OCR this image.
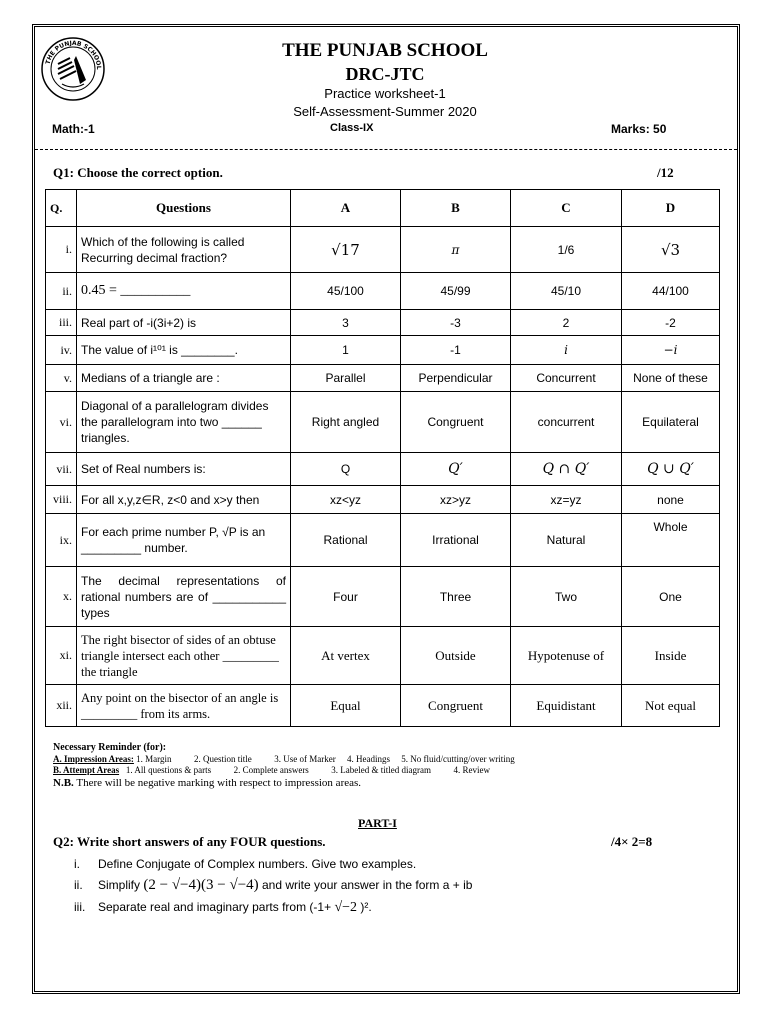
THE PUNJAB SCHOOL
THE PUNJAB SCHOOL
DRC-JTC
Practice worksheet-1
Self-Assessment-Summer 2020
Math:-1	Class-IX	Marks: 50
Q1: Choose the correct option.	/12
Q.	Questions	A	B	C	D
i.	Which of the following is called Recurring decimal fraction?	√17	π	1/6	√3
ii.	0.45 = __________	45/100	45/99	45/10	44/100
iii.	Real part of -i(3i+2) is	3	-3	2	-2
iv.	The value of i¹⁰¹ is ________.	1	-1	i	−i
v.	Medians of a triangle are :	Parallel	Perpendicular	Concurrent	None of these
vi.	Diagonal of a parallelogram divides the parallelogram into two ______ triangles.	Right angled	Congruent	concurrent	Equilateral
vii.	Set of Real numbers is:	Q	Q′	Q ∩ Q′	Q ∪ Q′
viii.	For all x,y,z∈R, z<0 and x>y then	xz<yz	xz>yz	xz=yz	none
ix.	For each prime number P, √P is an _________ number.	Rational	Irrational	Natural	Whole
x.	The decimal representations of rational numbers are of ___________ types	Four	Three	Two	One
xi.	The right bisector of sides of an obtuse triangle intersect each other _________ the triangle	At vertex	Outside	Hypotenuse of	Inside
xii.	Any point on the bisector of an angle is _________ from its arms.	Equal	Congruent	Equidistant	Not equal
Necessary Reminder (for):
A. Impression Areas: 1. Margin          2. Question title          3. Use of Marker     4. Headings     5. No fluid/cutting/over writing
B. Attempt Areas 1. All questions & parts          2. Complete answers          3. Labeled & titled diagram          4. Review
N.B. There will be negative marking with respect to impression areas.
PART-I
Q2: Write short answers of any FOUR questions.	/4× 2=8
i. Define Conjugate of Complex numbers. Give two examples.
ii. Simplify (2 − √−4)(3 − √−4) and write your answer in the form a + ib
iii. Separate real and imaginary parts from (-1+ √−2 )².
